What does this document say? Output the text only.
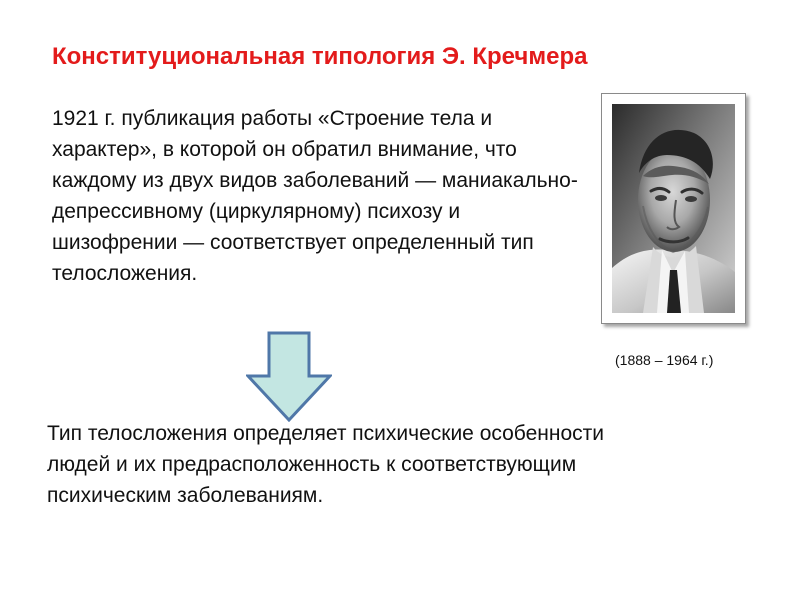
Конституциональная типология Э. Кречмера

1921 г. публикация работы «Строение тела и характер», в которой он обратил внимание, что каждому из двух видов заболеваний — маниакально-депрессивному (циркулярному) психозу и шизофрении — соответствует определенный тип телосложения.

(1888 – 1964 г.)

Тип телосложения определяет психические особенности людей и их предрасположенность к соответствующим психическим заболеваниям.
